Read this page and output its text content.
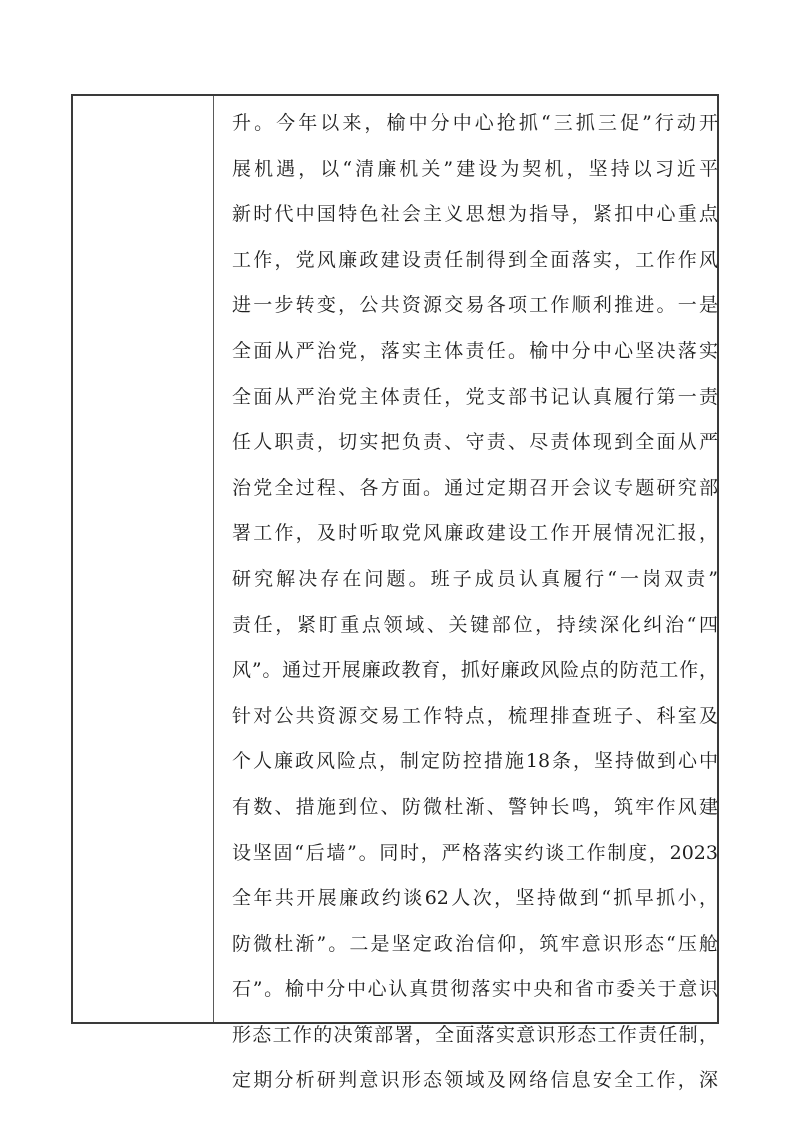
升。今年以来，榆中分中心抢抓“三抓三促”行动开
展机遇，以“清廉机关”建设为契机，坚持以习近平
新时代中国特色社会主义思想为指导，紧扣中心重点
工作，党风廉政建设责任制得到全面落实，工作作风
进一步转变，公共资源交易各项工作顺利推进。一是
全面从严治党，落实主体责任。榆中分中心坚决落实
全面从严治党主体责任，党支部书记认真履行第一责
任人职责，切实把负责、守责、尽责体现到全面从严
治党全过程、各方面。通过定期召开会议专题研究部
署工作，及时听取党风廉政建设工作开展情况汇报，
研究解决存在问题。班子成员认真履行“一岗双责”
责任，紧盯重点领域、关键部位，持续深化纠治“四
风”。通过开展廉政教育，抓好廉政风险点的防范工作，
针对公共资源交易工作特点，梳理排查班子、科室及
个人廉政风险点，制定防控措施18条，坚持做到心中
有数、措施到位、防微杜渐、警钟长鸣，筑牢作风建
设坚固“后墙”。同时，严格落实约谈工作制度，2023
全年共开展廉政约谈62人次，坚持做到“抓早抓小，
防微杜渐”。二是坚定政治信仰，筑牢意识形态“压舱
石”。榆中分中心认真贯彻落实中央和省市委关于意识
形态工作的决策部署，全面落实意识形态工作责任制，
定期分析研判意识形态领域及网络信息安全工作，深
